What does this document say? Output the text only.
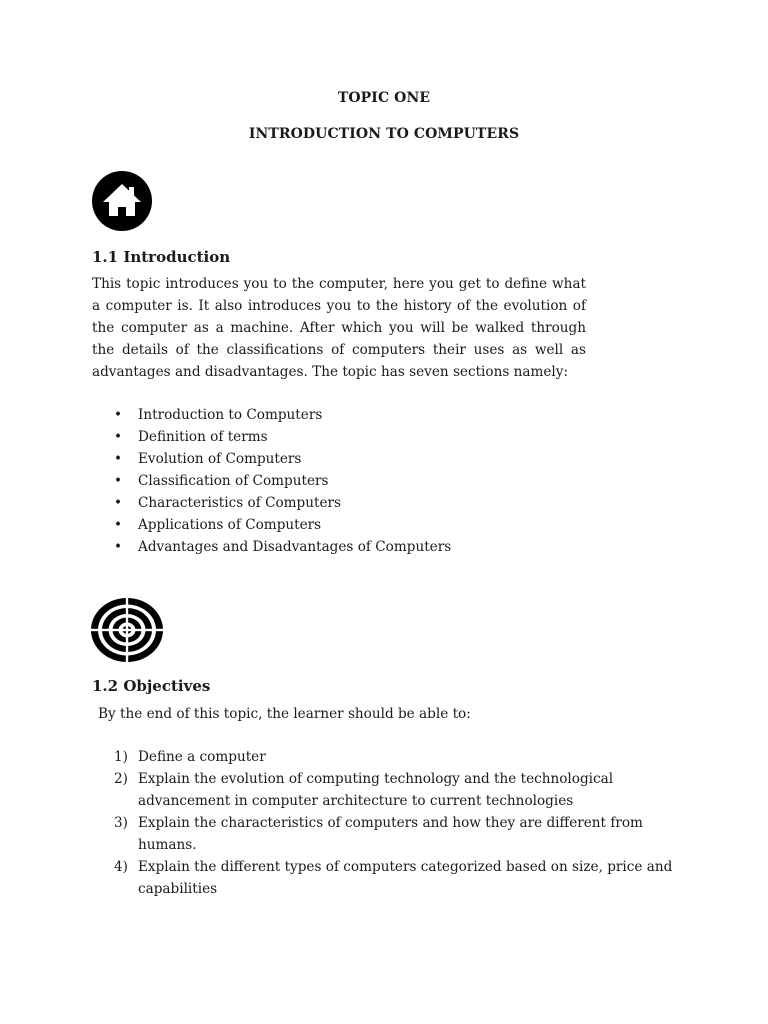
TOPIC ONE
INTRODUCTION TO COMPUTERS
1.1 Introduction

This topic introduces you to the computer, here you get to define what a computer is. It also introduces you to the history of the evolution of the computer as a machine. After which you will be walked through the details of the classifications of computers their uses as well as advantages and disadvantages. The topic has seven sections namely:

• Introduction to Computers
• Definition of terms
• Evolution of Computers
• Classification of Computers
• Characteristics of Computers
• Applications of Computers
• Advantages and Disadvantages of Computers
1.2 Objectives

By the end of this topic, the learner should be able to:

1) Define a computer
2) Explain the evolution of computing technology and the technological advancement in computer architecture to current technologies
3) Explain the characteristics of computers and how they are different from humans.
4) Explain the different types of computers categorized based on size, price and capabilities
